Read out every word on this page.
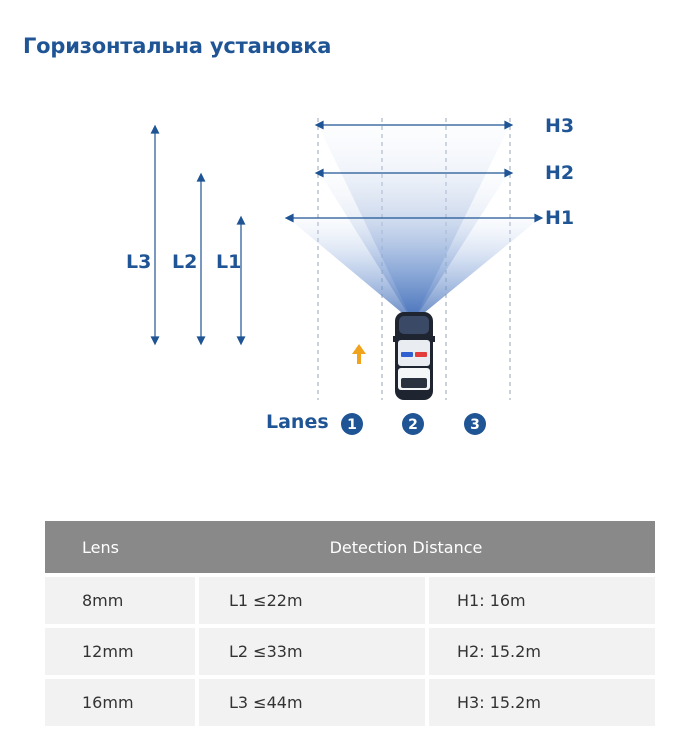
Горизонтальна установка
L3 L2 L1
H3
H2
H1
Lanes 1	2	3
Lens	Detection Distance
8mm	L1 ≤22m	H1: 16m
12mm	L2 ≤33m	H2: 15.2m
16mm	L3 ≤44m	H3: 15.2m
